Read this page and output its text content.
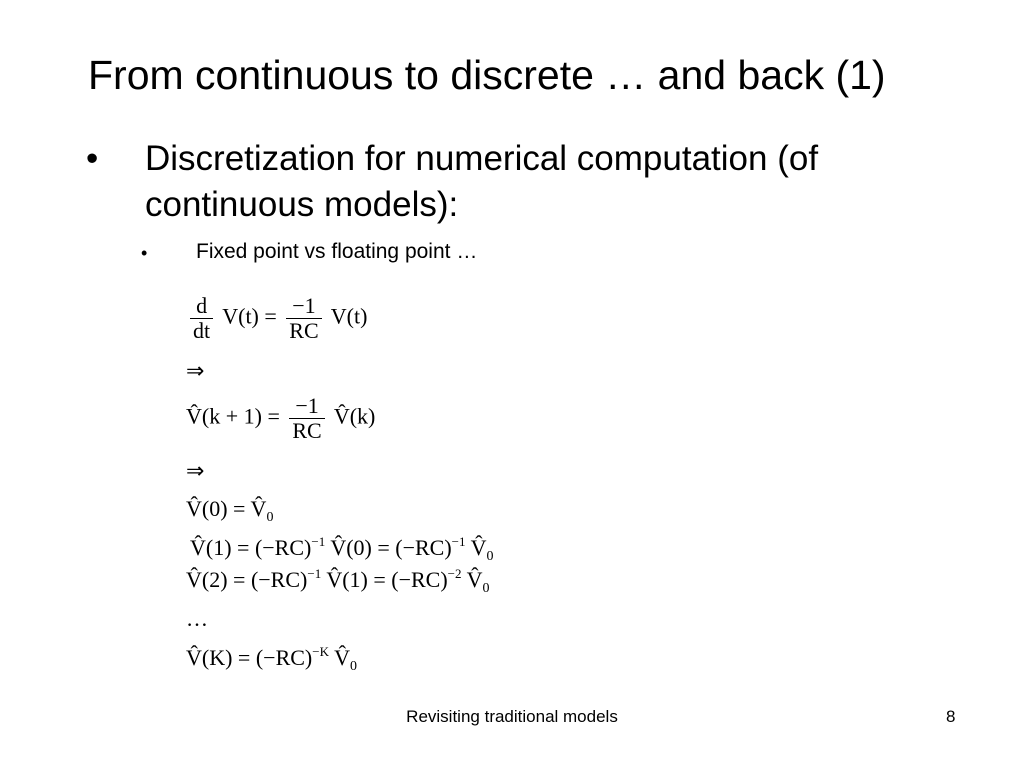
From continuous to discrete … and back (1)
• Discretization for numerical computation (of continuous models):
• Fixed point vs floating point …
$\frac{d}{dt} V(t) = \frac{-1}{RC} V(t)$
⇒
V̂(k + $1) = \frac{-1}{RC}$ V̂(k)
⇒
V̂(0) = $V̂_0$
V̂(1) = $(-RC)^{-1}$ V̂(0) = $(-RC)^{-1}$ $V̂_0$
V̂(2) = $(-RC)^{-1}$ V̂(1) = $(-RC)^{-2}$ $V̂_0$
…
V̂(K) = $(-RC)^{-K}$ $V̂_0$
Revisiting traditional models	8
